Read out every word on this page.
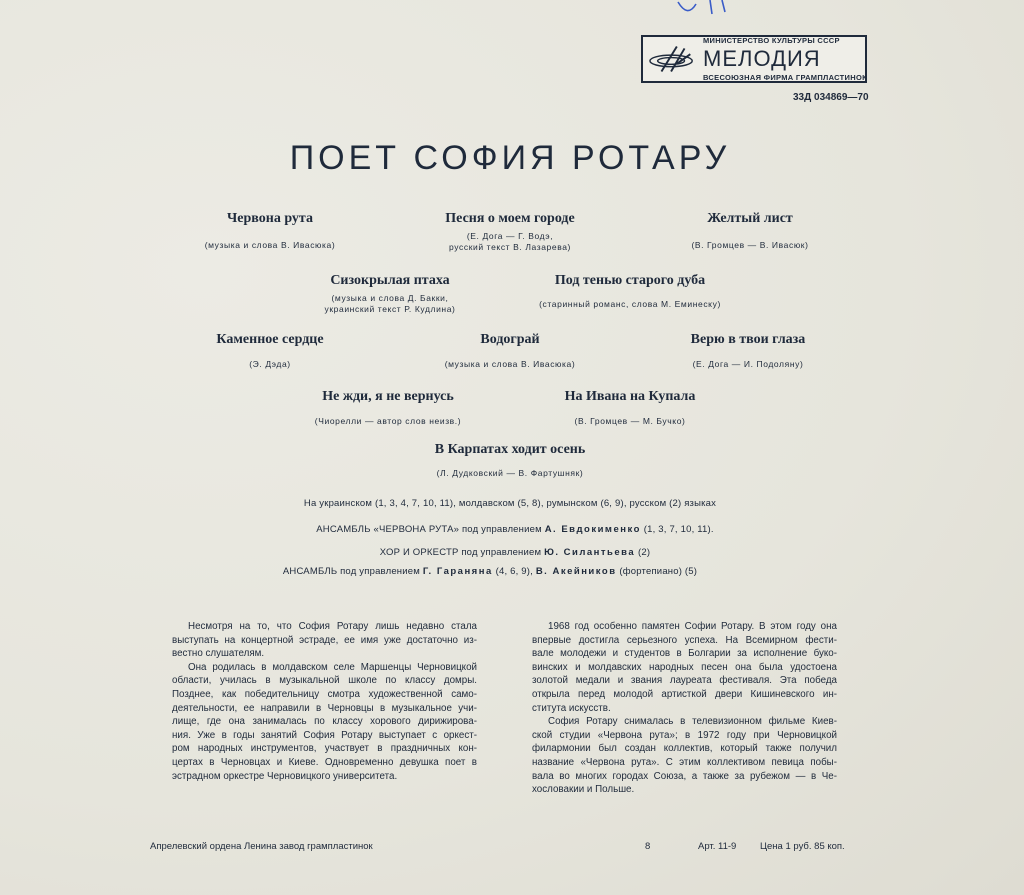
МИНИСТЕРСТВО КУЛЬТУРЫ СССР
МЕЛОДИЯ
ВСЕСОЮЗНАЯ ФИРМА ГРАМПЛАСТИНОК
33Д 034869—70
ПОЕТ СОФИЯ РОТАРУ
Червона рута
(музыка и слова В. Ивасюка)
Песня о моем городе
(Е. Дога — Г. Водэ,
русский текст В. Лазарева)
Желтый лист
(В. Громцев — В. Ивасюк)
Сизокрылая птаха
(музыка и слова Д. Бакки,
украинский текст Р. Кудлина)
Под тенью старого дуба
(старинный романс, слова М. Еминеску)
Каменное сердце
(Э. Дэда)
Водограй
(музыка и слова В. Ивасюка)
Верю в твои глаза
(Е. Дога — И. Подоляну)
Не жди, я не вернусь
(Чиорелли — автор слов неизв.)
На Ивана на Купала
(В. Громцев — М. Бучко)
В Карпатах ходит осень
(Л. Дудковский — В. Фартушняк)
На украинском (1, 3, 4, 7, 10, 11), молдавском (5, 8), румынском (6, 9), русском (2) языках
АНСАМБЛЬ «ЧЕРВОНА РУТА» под управлением А. Евдокименко (1, 3, 7, 10, 11).
ХОР И ОРКЕСТР под управлением Ю. Силантьева (2)
АНСАМБЛЬ под управлением Г. Гараняна (4, 6, 9), В. Акейников (фортепиано) (5)
Несмотря на то, что София Ротару лишь недавно стала
выступать на концертной эстраде, ее имя уже достаточно из-
вестно слушателям.
Она родилась в молдавском селе Маршенцы Черновицкой
области, училась в музыкальной школе по классу домры.
Позднее, как победительницу смотра художественной само-
деятельности, ее направили в Черновцы в музыкальное учи-
лище, где она занималась по классу хорового дирижирова-
ния. Уже в годы занятий София Ротару выступает с оркест-
ром народных инструментов, участвует в праздничных кон-
цертах в Черновцах и Киеве. Одновременно девушка поет в
эстрадном оркестре Черновицкого университета.
1968 год особенно памятен Софии Ротару. В этом году она
впервые достигла серьезного успеха. На Всемирном фести-
вале молодежи и студентов в Болгарии за исполнение буко-
винских и молдавских народных песен она была удостоена
золотой медали и звания лауреата фестиваля. Эта победа
открыла перед молодой артисткой двери Кишиневского ин-
ститута искусств.
София Ротару снималась в телевизионном фильме Киев-
ской студии «Червона рута»; в 1972 году при Черновицкой
филармонии был создан коллектив, который также получил
название «Червона рута». С этим коллективом певица побы-
вала во многих городах Союза, а также за рубежом — в Че-
хословакии и Польше.
Апрелевский ордена Ленина завод грампластинок	8	Арт. 11-9 Цена 1 руб. 85 коп.
